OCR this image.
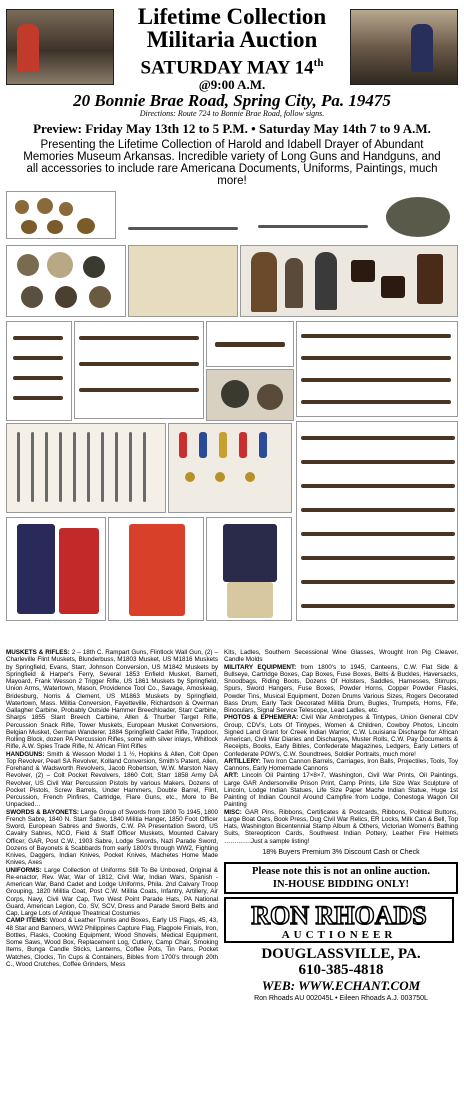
Lifetime Collection
Militaria Auction
SATURDAY MAY 14th
@9:00 A.M.
20 Bonnie Brae Road, Spring City, Pa. 19475
Directions: Route 724 to Bonnie Brae Road, follow signs.
Preview: Friday May 13th 12 to 5 P.M. • Saturday May 14th 7 to 9 A.M.
Presenting the Lifetime Collection of Harold and Idabell Drayer of Abundant Memories Museum Arkansas. Incredible variety of Long Guns and Handguns, and all accessories to include rare Americana Documents, Uniforms, Paintings, much more!

MUSKETS & RIFLES: 2 – 18th C. Rampart Guns, Flintlock Wall Gun, (2) – Charleville Flint Muskets, Blunderbuss, M1803 Musket, US M1816 Muskets by Springfield, Evans, Starr, Johnson Conversion, US M1842 Muskets by Springfield & Harper's Ferry, Several 1853 Enfield Musket, Barnett, Mayoard, Frank Wesson 2 Trigger Rifle, US 1861 Muskets by Springfield, Union Arms, Watertown, Mason, Providence Tool Co., Savage, Amoskeag, Bridesburg, Norris & Clement, US M1863 Muskets by Springfield, Watertown, Mass. Militia Conversion, Fayetteville, Richardson & Overman Gallagher Carbine, Probably Outside Hammer Breechloader, Starr Carbine, Sharps 1855 Slant Breech Carbine, Allen & Thurber Target Rifle, Percussion Snack Rifle, Tower Muskets, European Musket Conversions, Belgian Musket, German Wanderer, 1884 Springfield Cadet Rifle, Trapdoor, Rolling Block, dozen PA Percussion Rifles, some with silver inlays, Whitlock Rifle, A.W. Spies Trade Rifle, N. African Flint Rifles

HANDGUNS: Smith & Wesson Model 1 1 ½, Hopkins & Allen, Colt Open Top Revolver, Pearl SA Revolver, Kolland Conversion, Smith's Patent, Allen, Forehand & Wadsworth Revolvers, Jacob Robertson, W.W. Marston Navy Revolver, (2) – Colt Pocket Revolvers, 1860 Colt, Starr 1858 Army DA Revolver, US Civil War Percussion Pistols by various Makers, Dozens of Pocket Pistols, Screw Barrels, Under Hammers, Double Barrel, Flint, Percussion, French Pinfires, Cartridge, Flare Guns, etc., More to Be Unpacked…

SWORDS & BAYONETS: Large Group of Swords from 1800 To 1945, 1800 French Sabre, 1840 N. Starr Sabre, 1840 Militia Hanger, 1850 Foot Officer Sword, European Sabres and Swords, C.W. PA Presentation Sword, US Cavalry Sabres, NCO, Field & Staff Officer Muskets, Mounted Calvary Officer, GAR, Post C.W., 1903 Sabre, Lodge Swords, Nazi Parade Sword, Dozens of Bayonets & Scabbards from early 1800's through WW2, Fighting Knives, Daggers, Indian Knives, Pocket Knives, Machetes Home Made Knives, Axes

UNIFORMS: Large Collection of Uniforms Still To Be Unboxed, Original & Re-enactor, Rev. War, War of 1812, Civil War, Indian Wars, Spanish - American War, Band Cadet and Lodge Uniforms, Phila. 2nd Calvary Troop Grouping, 1820 Militia Coat, Post C.W. Militia Coats, Infantry, Artillery, Air Corps, Navy, Civil War Cap, Two West Point Parade Hats, PA National Guard, American Legion, Co. SV, SCV, Dress and Parade Sword Belts and Cap, Large Lots of Antique Theatrical Costumes

CAMP ITEMS: Wood & Leather Trunks and Boxes, Early US Flags, 45, 43, 48 Star and Banners, WW2 Philippines Capture Flag, Flagpole Finials, Iron, Bottles, Flasks, Cooking Equipment, Wood Shovels, Medical Equipment, Some Saws, Wood Box, Replacement Log, Cutlery, Camp Chair, Smoking Items, Bunga Candle Sticks, Lanterns, Coffee Pots, Tin Pans, Pocket Watches, Clocks, Tin Cups & Containers, Bibles from 1700's through 20th C., Wood Crutches, Coffee Grinders, Mess

Kits, Ladles, Southern Secessional Wine Glasses, Wrought Iron Pig Cleaver, Candle Molds

MILITARY EQUIPMENT: from 1800's to 1945, Canteens, C.W. Flat Side & Bullseye, Cartridge Boxes, Cap Boxes, Fuse Boxes, Belts & Buckles, Haversacks, Snoodbags, Riding Boots, Dozens Of Holsters, Saddles, Harnesses, Stirrups, Spurs, Sword Hangers, Fuse Boxes, Powder Horns, Copper Powder Flasks, Powder Tins, Musical Equipment, Dozen Drums Various Sizes, Rogers Decorated Bass Drum, Early Tack Decorated Militia Drum, Bugles, Trumpets, Horns, Fife, Binoculars, Signal Service Telescope, Lead Ladles, etc.

PHOTOS & EPHEMERA: Civil War Ambrotypes & Tintypes, Union General CDV Group, CDV's, Lots Of Tintypes, Women & Children, Cowboy Photos, Lincoln Signed Land Grant for Creek Indian Warrior, C.W. Louisiana Discharge for African American, Civil War Diaries and Discharges, Muster Rolls, C.W. Pay Documents & Receipts, Books, Early Bibles, Confederate Magazines, Ledgers, Early Letters of Confederate POW's, C.W. Soundtrees, Soldier Portraits, much more!

ARTILLERY: Two Iron Cannon Barrels, Carriages, Iron Balls, Projectiles, Tools, Toy Cannons, Early Homemade Cannons

ART: Lincoln Oil Painting 17×8×7, Washington, Civil War Prints, Oil Paintings, Large GAR Andersonville Prison Print, Camp Prints, Life Size Wax Sculpture of Lincoln, Lodge Indian Statues, Life Size Paper Mache Indian Statue, Huge 1st Painting of Indian Council Around Campfire from Lodge, Conestoga Wagon Oil Painting

MISC: GAR Pins, Ribbons, Certificates & Postcards, Ribbons, Political Buttons, Large Boat Oars, Book Press, Dug Civil War Relics, ER Locks, Milk Can & Bell, Top Hats, Washington Bicentennial Stamp Album & Others, Victorian Women's Bathing Suits, Stereopticon Cards, Southwest Indian Pottery, Leather Fire Helmets ………….Just a sample listing!

18% Buyers Premium 3% Discount Cash or Check
Please note this is not an online auction.
IN-HOUSE BIDDING ONLY!
RON RHOADS
AUCTIONEER
DOUGLASSVILLE, PA.
610-385-4818
WEB: WWW.ECHANT.COM
Ron Rhoads AU 002045L • Eileen Rhoads A.J. 003750L
